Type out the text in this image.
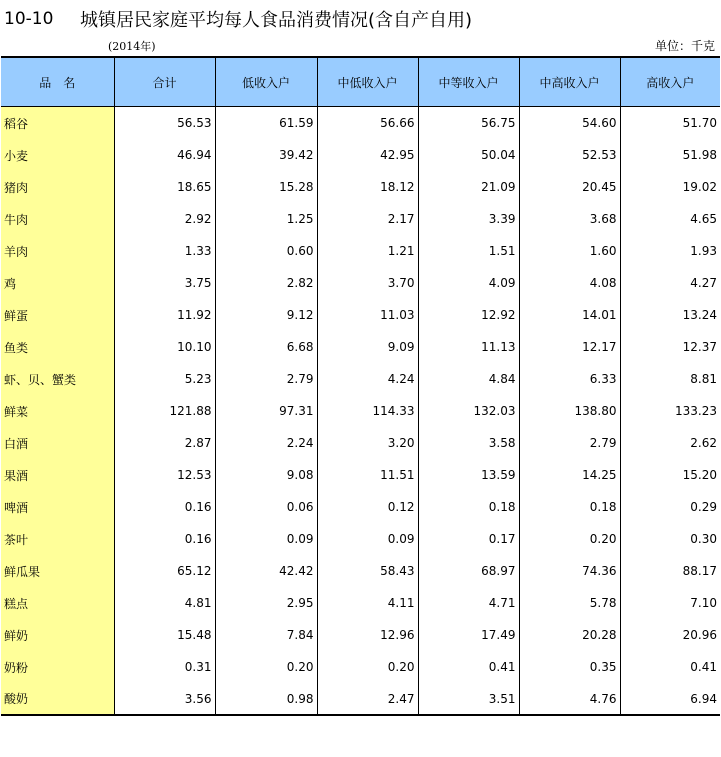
10-10	城镇居民家庭平均每人食品消费情况(含自产自用)
(2014年)	单位：千克
品　名	合计	低收入户	中低收入户	中等收入户	中高收入户	高收入户
稻谷	56.53	61.59	56.66	56.75	54.60	51.70
小麦	46.94	39.42	42.95	50.04	52.53	51.98
猪肉	18.65	15.28	18.12	21.09	20.45	19.02
牛肉	2.92	1.25	2.17	3.39	3.68	4.65
羊肉	1.33	0.60	1.21	1.51	1.60	1.93
鸡	3.75	2.82	3.70	4.09	4.08	4.27
鲜蛋	11.92	9.12	11.03	12.92	14.01	13.24
鱼类	10.10	6.68	9.09	11.13	12.17	12.37
虾、贝、蟹类	5.23	2.79	4.24	4.84	6.33	8.81
鲜菜	121.88	97.31	114.33	132.03	138.80	133.23
白酒	2.87	2.24	3.20	3.58	2.79	2.62
果酒	12.53	9.08	11.51	13.59	14.25	15.20
啤酒	0.16	0.06	0.12	0.18	0.18	0.29
茶叶	0.16	0.09	0.09	0.17	0.20	0.30
鲜瓜果	65.12	42.42	58.43	68.97	74.36	88.17
糕点	4.81	2.95	4.11	4.71	5.78	7.10
鲜奶	15.48	7.84	12.96	17.49	20.28	20.96
奶粉	0.31	0.20	0.20	0.41	0.35	0.41
酸奶	3.56	0.98	2.47	3.51	4.76	6.94
